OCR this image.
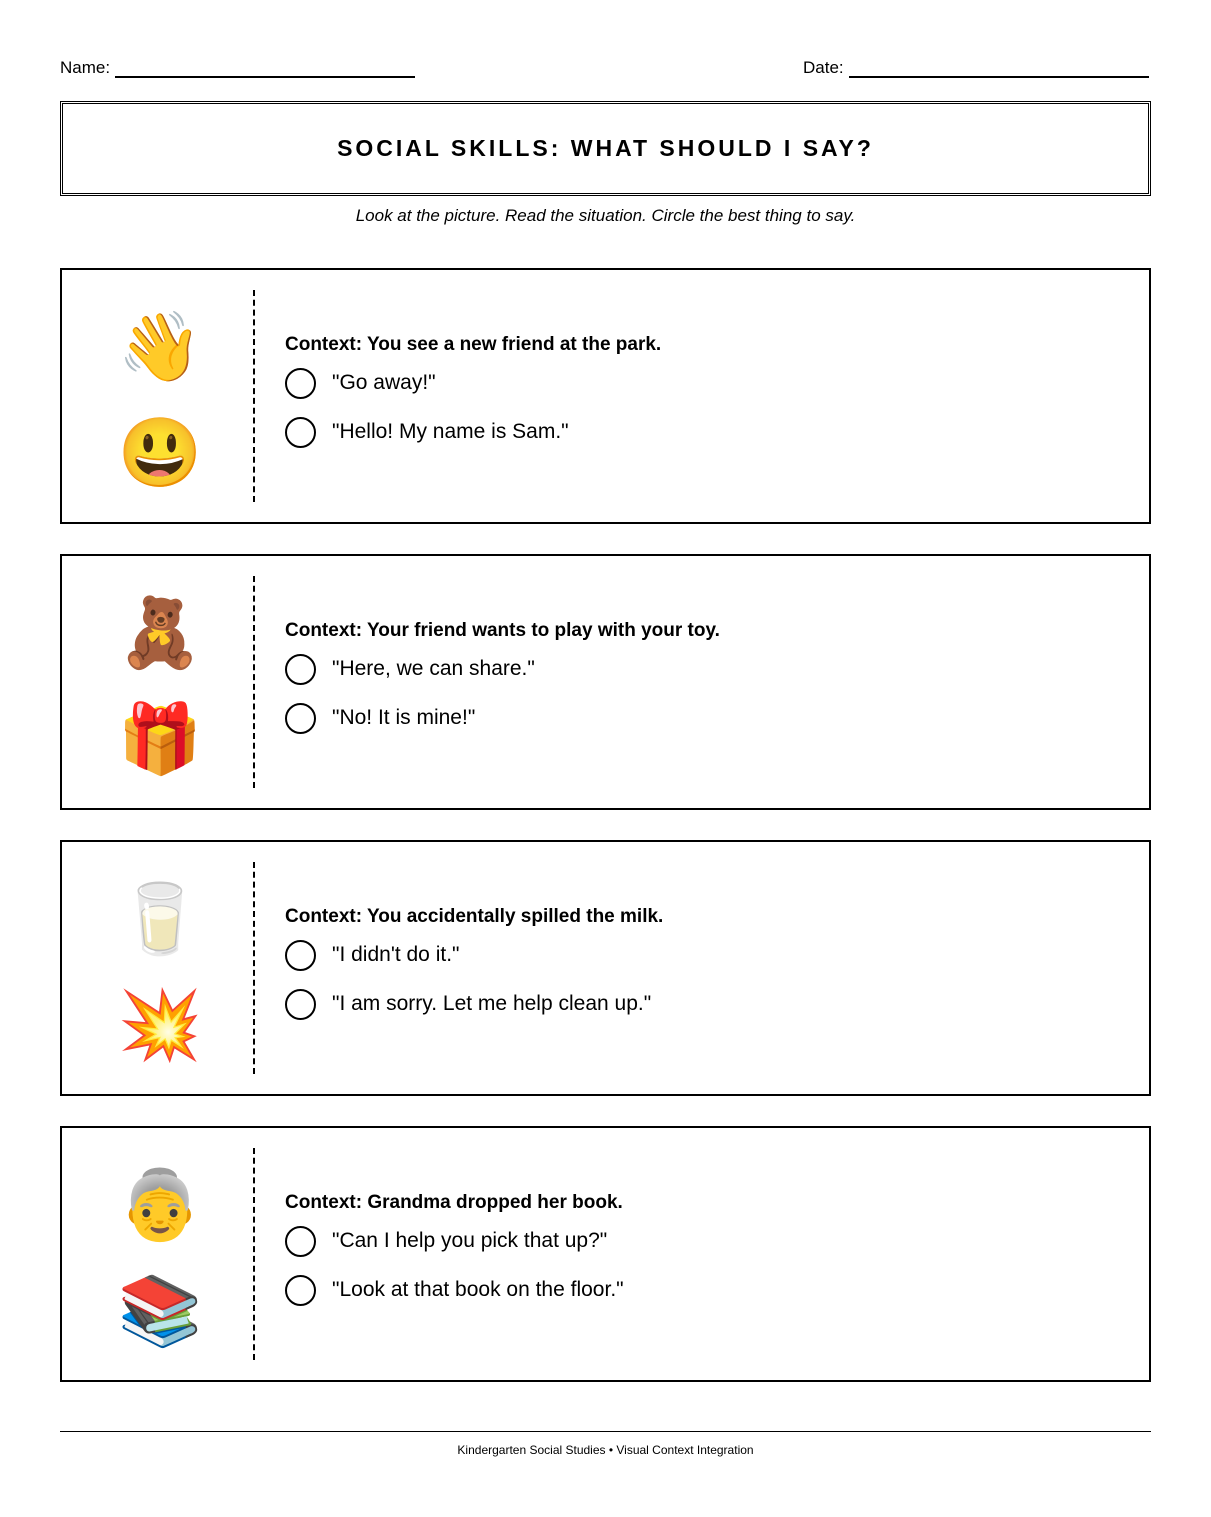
Name:	Date:
SOCIAL SKILLS: WHAT SHOULD I SAY?
Look at the picture. Read the situation. Circle the best thing to say.
👋
😃
Context: You see a new friend at the park.
"Go away!"
"Hello! My name is Sam."
🧸
🎁
Context: Your friend wants to play with your toy.
"Here, we can share."
"No! It is mine!"
🥛
💥
Context: You accidentally spilled the milk.
"I didn't do it."
"I am sorry. Let me help clean up."
👵
📚
Context: Grandma dropped her book.
"Can I help you pick that up?"
"Look at that book on the floor."
Kindergarten Social Studies • Visual Context Integration
